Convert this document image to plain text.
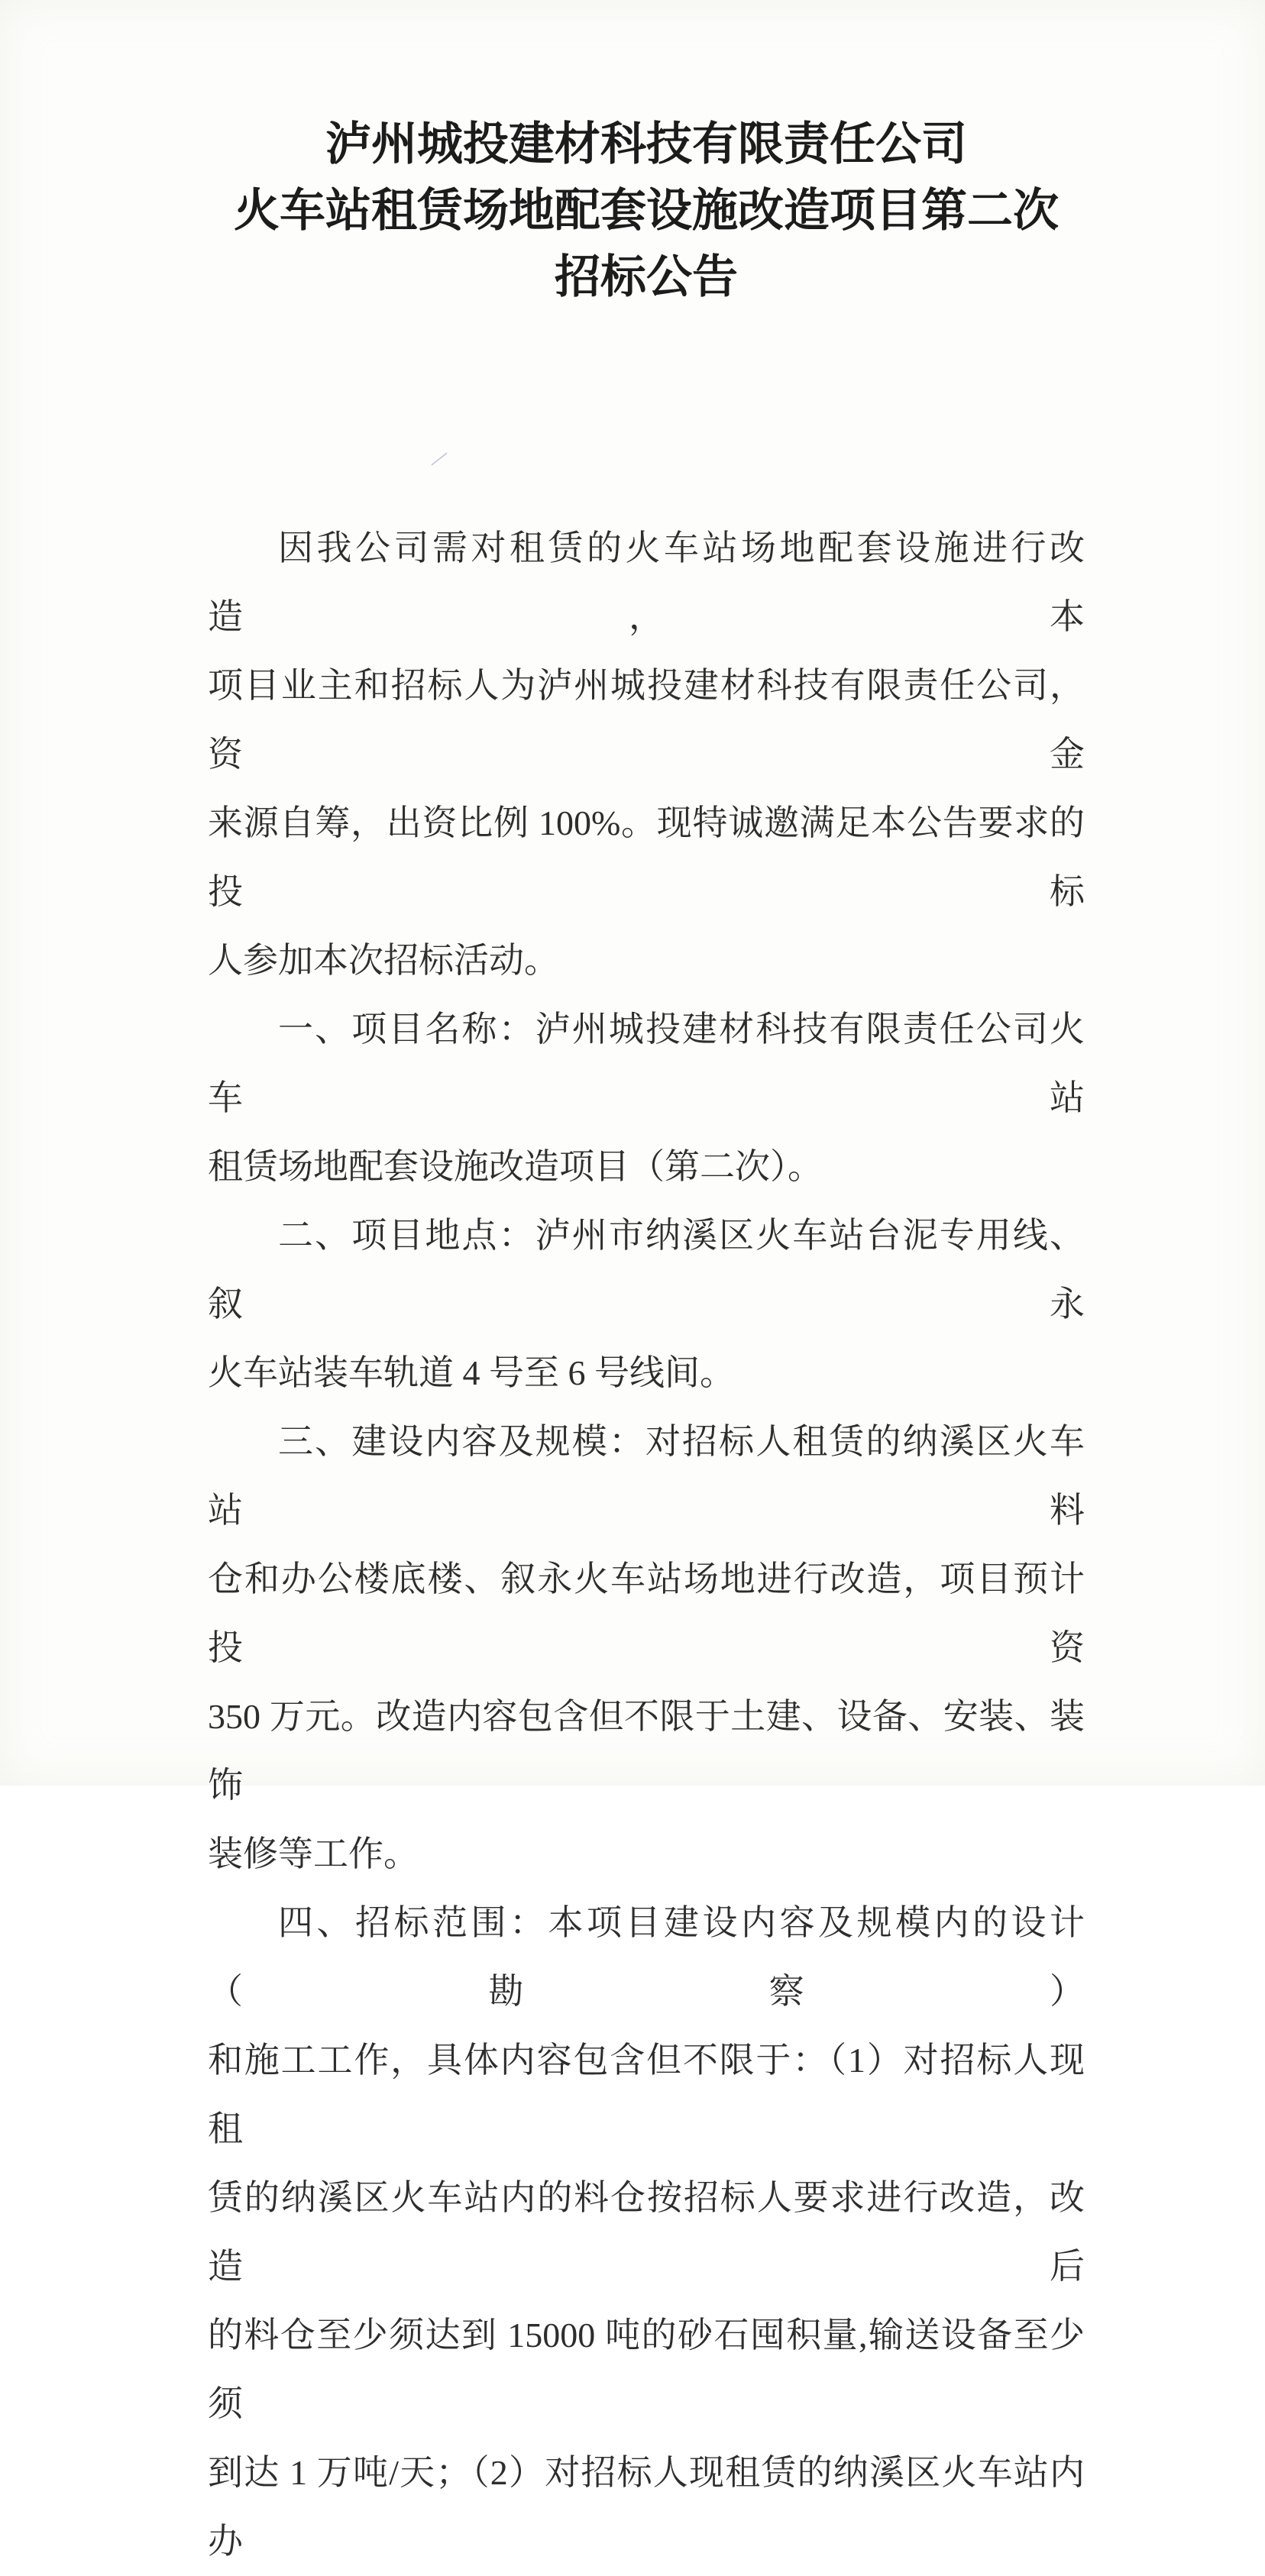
泸州城投建材科技有限责任公司
火车站租赁场地配套设施改造项目第二次
招标公告
因我公司需对租赁的火车站场地配套设施进行改造，本
项目业主和招标人为泸州城投建材科技有限责任公司，资金
来源自筹，出资比例 100%。现特诚邀满足本公告要求的投标
人参加本次招标活动。
一、项目名称：泸州城投建材科技有限责任公司火车站
租赁场地配套设施改造项目（第二次）。
二、项目地点：泸州市纳溪区火车站台泥专用线、叙永
火车站装车轨道 4 号至 6 号线间。
三、建设内容及规模：对招标人租赁的纳溪区火车站料
仓和办公楼底楼、叙永火车站场地进行改造，项目预计投资
350 万元。改造内容包含但不限于土建、设备、安装、装饰
装修等工作。
四、招标范围：本项目建设内容及规模内的设计（勘察）
和施工工作，具体内容包含但不限于：（1）对招标人现租
赁的纳溪区火车站内的料仓按招标人要求进行改造，改造后
的料仓至少须达到 15000 吨的砂石囤积量,输送设备至少须
到达 1 万吨/天；（2）对招标人现租赁的纳溪区火车站内办
